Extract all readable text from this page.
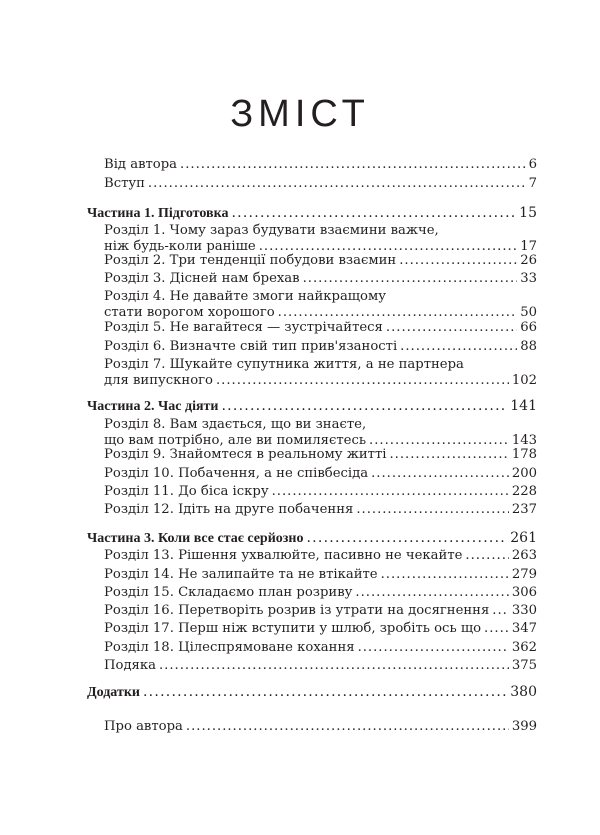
ЗМІСТ
Від автора . . .	6
Вступ . . .	7
Частина 1. Підготовка . . .	15
Розділ 1. Чому зараз будувати взаємини важче,
ніж будь-коли раніше . . .	17
Розділ 2. Три тенденції побудови взаємин . . .	26
Розділ 3. Дісней нам брехав . . .	33
Розділ 4. Не давайте змоги найкращому
стати ворогом хорошого . . .	50
Розділ 5. Не вагайтеся — зустрічайтеся . . .	66
Розділ 6. Визначте свій тип прив'язаності . . .	88
Розділ 7. Шукайте супутника життя, а не партнера
для випускного . . .	102
Частина 2. Час діяти . . .	141
Розділ 8. Вам здається, що ви знаєте,
що вам потрібно, але ви помиляєтесь . . .	143
Розділ 9. Знайомтеся в реальному житті . . .	178
Розділ 10. Побачення, а не співбесіда . . .	200
Розділ 11. До біса іскру . . .	228
Розділ 12. Ідіть на друге побачення . . .	237
Частина 3. Коли все стає серйозно . . .	261
Розділ 13. Рішення ухвалюйте, пасивно не чекайте . . .	263
Розділ 14. Не залипайте та не втікайте . . .	279
Розділ 15. Складаємо план розриву . . .	306
Розділ 16. Перетворіть розрив із утрати на досягнення . . . 330
Розділ 17. Перш ніж вступити у шлюб, зробіть ось що . . . 347
Розділ 18. Цілеспрямоване кохання . . .	362
Подяка . . .	375
Додатки . . .	380
Про автора . . .	399
